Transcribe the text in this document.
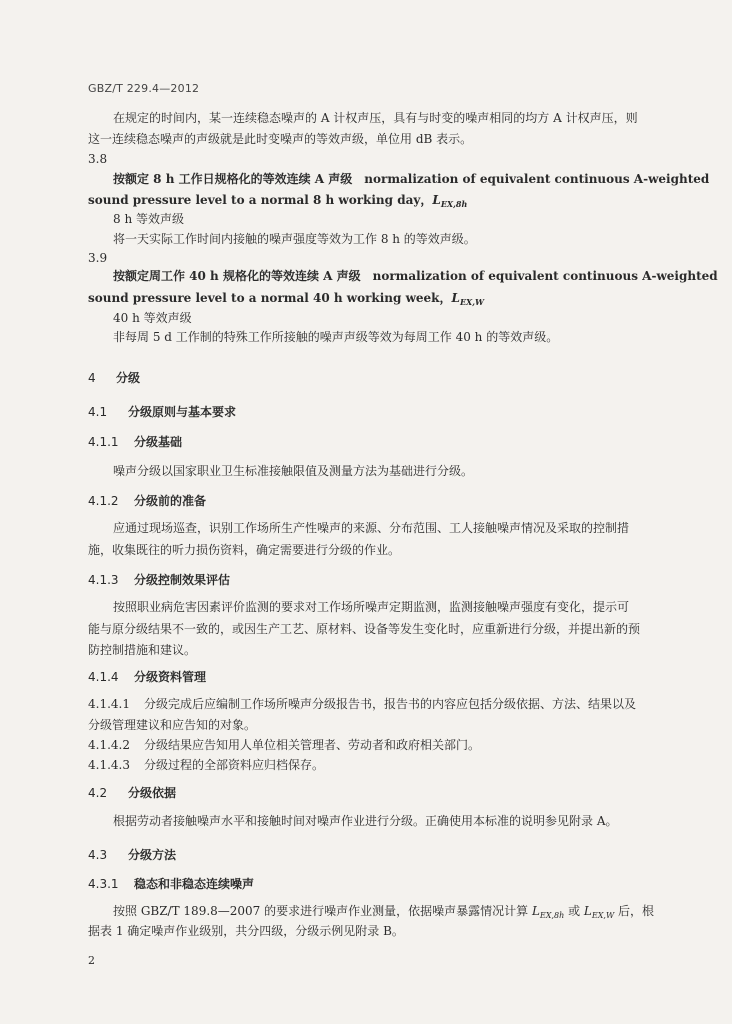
GBZ/T 229.4—2012
在规定的时间内，某一连续稳态噪声的 A 计权声压，具有与时变的噪声相同的均方 A 计权声压，则
这一连续稳态噪声的声级就是此时变噪声的等效声级，单位用 dB 表示。
3.8
按额定 8 h 工作日规格化的等效连续 A 声级　normalization of equivalent continuous A-weighted
sound pressure level to a normal 8 h working day，$L_{EX,8h}$
8 h 等效声级
将一天实际工作时间内接触的噪声强度等效为工作 8 h 的等效声级。
3.9
按额定周工作 40 h 规格化的等效连续 A 声级　normalization of equivalent continuous A-weighted
sound pressure level to a normal 40 h working week，$L_{EX,W}$
40 h 等效声级
非每周 5 d 工作制的特殊工作所接触的噪声声级等效为每周工作 40 h 的等效声级。
4 分级
4.1 分级原则与基本要求
4.1.1 分级基础
噪声分级以国家职业卫生标准接触限值及测量方法为基础进行分级。
4.1.2 分级前的准备
应通过现场巡查，识别工作场所生产性噪声的来源、分布范围、工人接触噪声情况及采取的控制措
施，收集既往的听力损伤资料，确定需要进行分级的作业。
4.1.3 分级控制效果评估
按照职业病危害因素评价监测的要求对工作场所噪声定期监测，监测接触噪声强度有变化，提示可
能与原分级结果不一致的，或因生产工艺、原材料、设备等发生变化时，应重新进行分级，并提出新的预
防控制措施和建议。
4.1.4 分级资料管理
4.1.4.1 分级完成后应编制工作场所噪声分级报告书，报告书的内容应包括分级依据、方法、结果以及
分级管理建议和应告知的对象。
4.1.4.2 分级结果应告知用人单位相关管理者、劳动者和政府相关部门。
4.1.4.3 分级过程的全部资料应归档保存。
4.2 分级依据
根据劳动者接触噪声水平和接触时间对噪声作业进行分级。正确使用本标准的说明参见附录 A。
4.3 分级方法
4.3.1 稳态和非稳态连续噪声
按照 GBZ/T 189.8—2007 的要求进行噪声作业测量，依据噪声暴露情况计算 $L_{EX,8h}$ 或 $L_{EX,W}$ 后，根
据表 1 确定噪声作业级别，共分四级，分级示例见附录 B。
2
